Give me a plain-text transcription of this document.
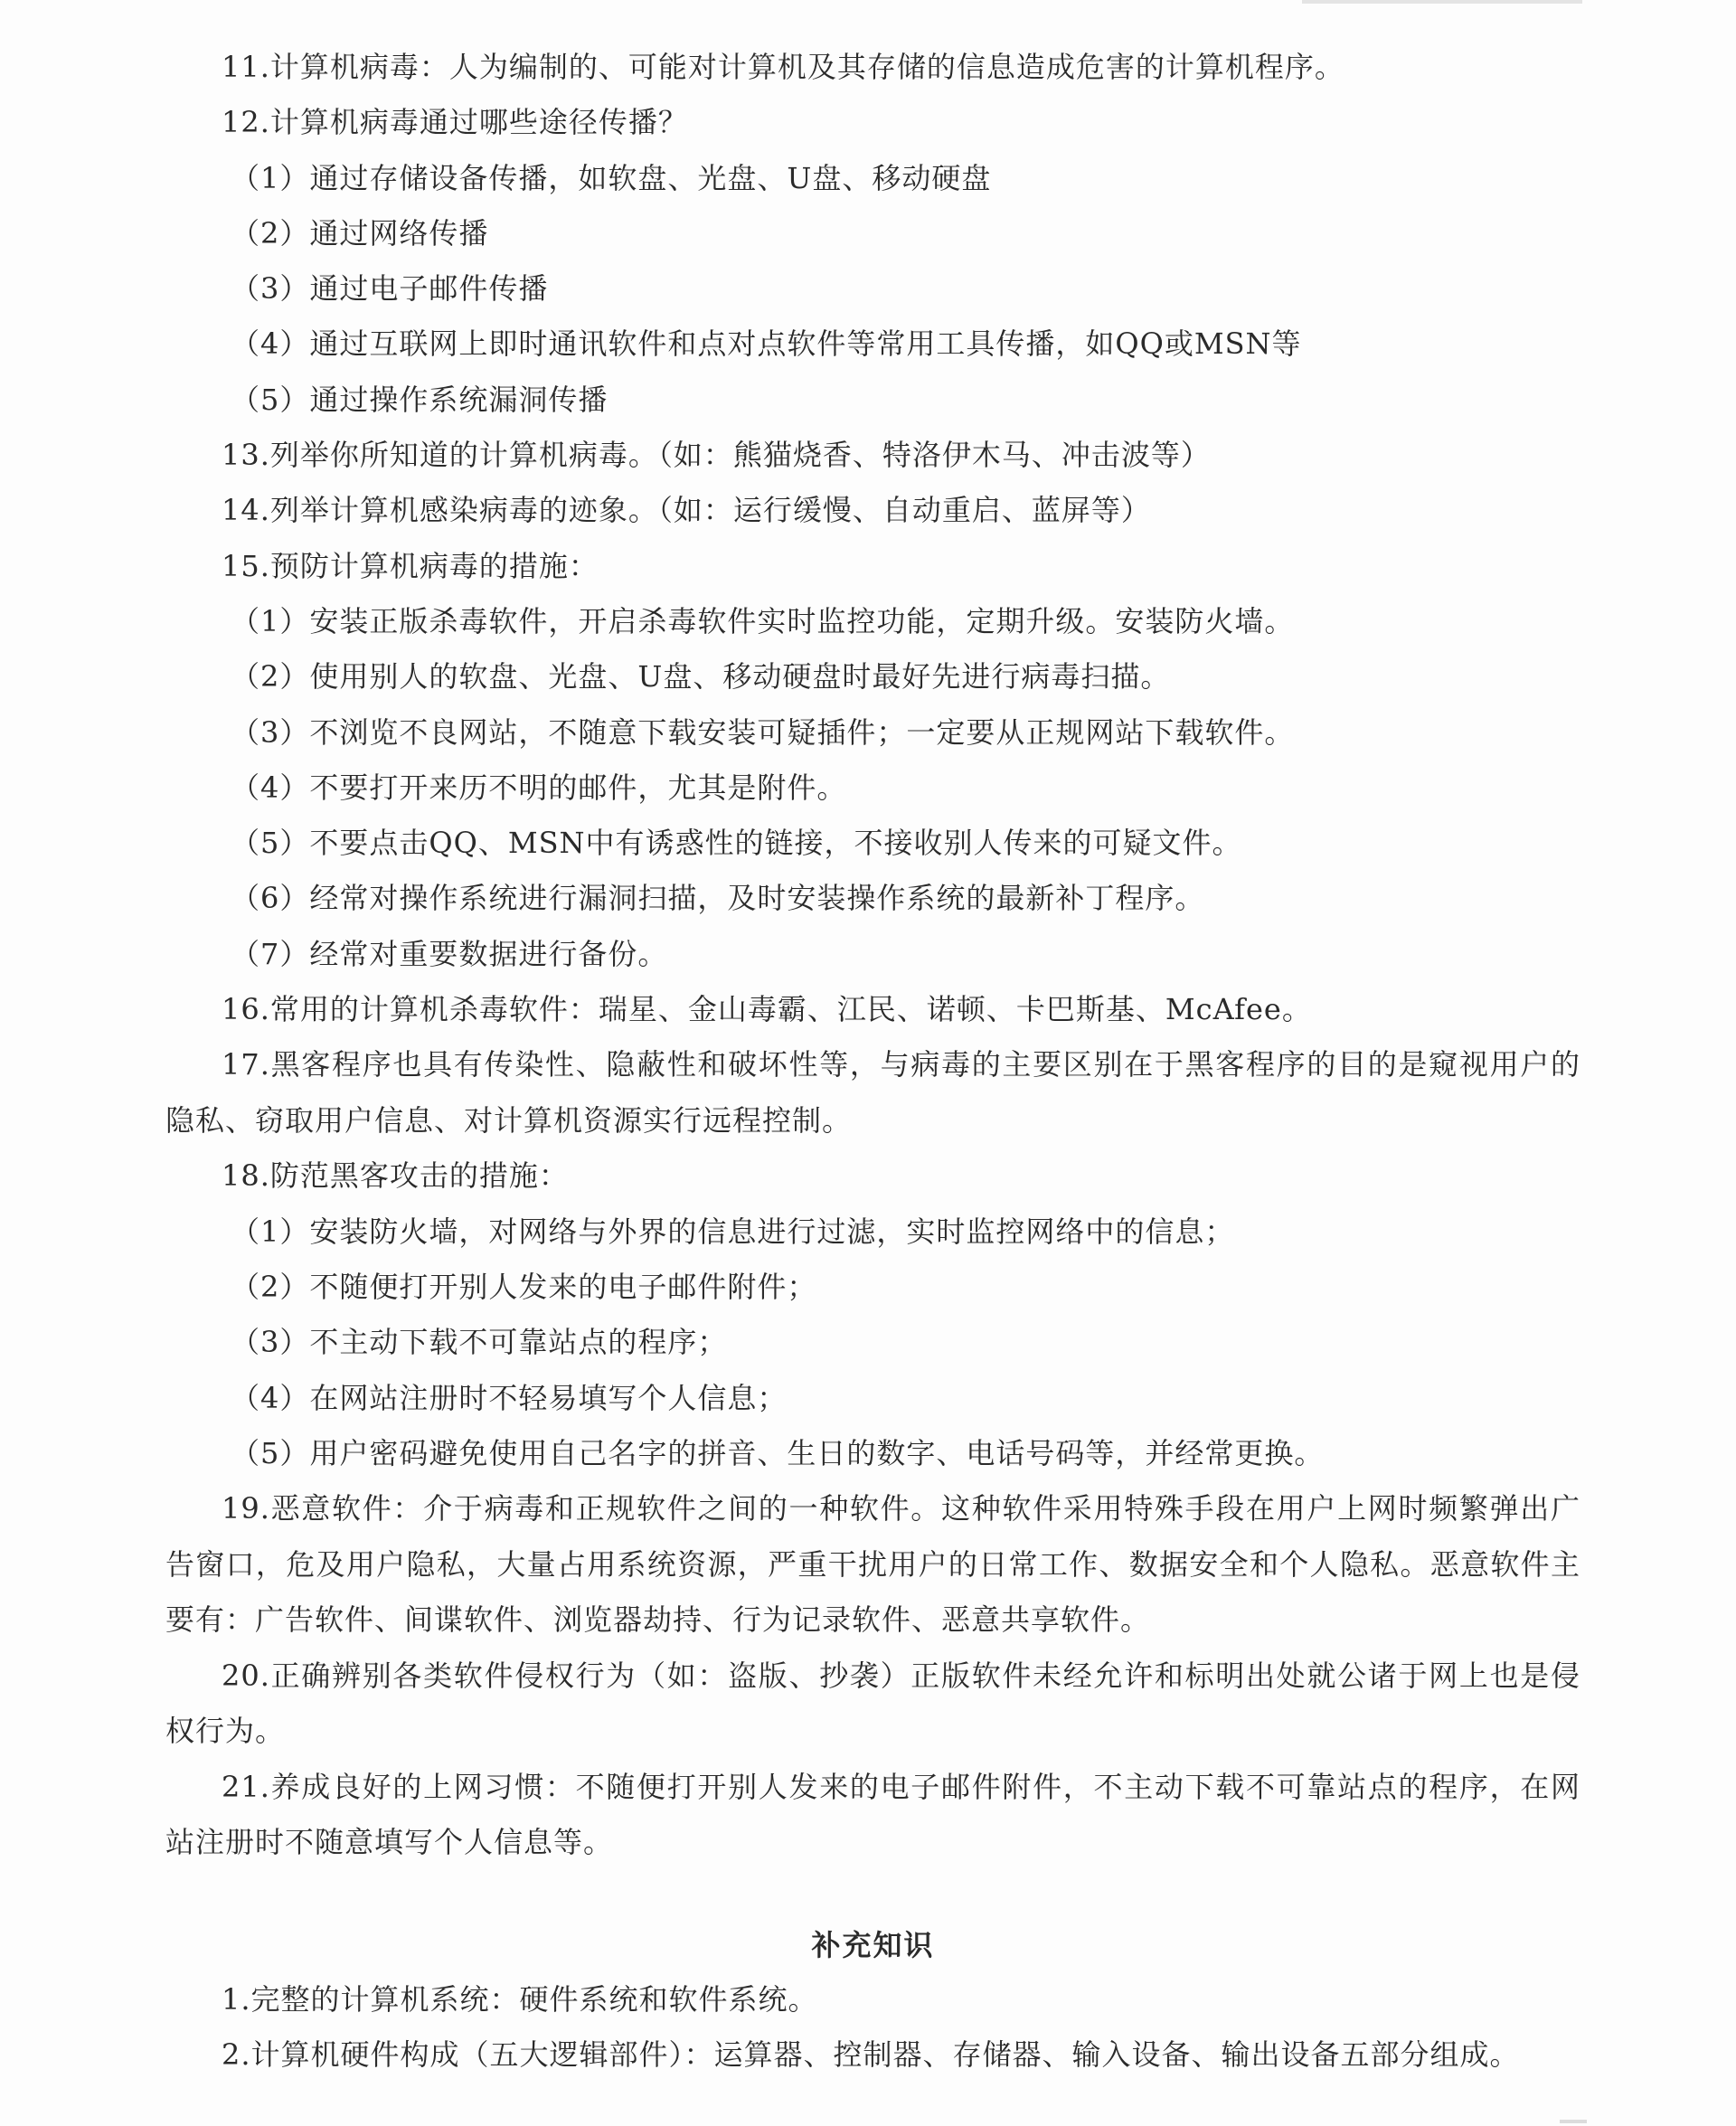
11.计算机病毒：人为编制的、可能对计算机及其存储的信息造成危害的计算机程序。
12.计算机病毒通过哪些途径传播？
（1）通过存储设备传播，如软盘、光盘、U盘、移动硬盘
（2）通过网络传播
（3）通过电子邮件传播
（4）通过互联网上即时通讯软件和点对点软件等常用工具传播，如QQ或MSN等
（5）通过操作系统漏洞传播
13.列举你所知道的计算机病毒。（如：熊猫烧香、特洛伊木马、冲击波等）
14.列举计算机感染病毒的迹象。（如：运行缓慢、自动重启、蓝屏等）
15.预防计算机病毒的措施：
（1）安装正版杀毒软件，开启杀毒软件实时监控功能，定期升级。安装防火墙。
（2）使用别人的软盘、光盘、U盘、移动硬盘时最好先进行病毒扫描。
（3）不浏览不良网站，不随意下载安装可疑插件；一定要从正规网站下载软件。
（4）不要打开来历不明的邮件，尤其是附件。
（5）不要点击QQ、MSN中有诱惑性的链接，不接收别人传来的可疑文件。
（6）经常对操作系统进行漏洞扫描，及时安装操作系统的最新补丁程序。
（7）经常对重要数据进行备份。
16.常用的计算机杀毒软件：瑞星、金山毒霸、江民、诺顿、卡巴斯基、McAfee。
17.黑客程序也具有传染性、隐蔽性和破坏性等，与病毒的主要区别在于黑客程序的目的是窥视用户的隐私、窃取用户信息、对计算机资源实行远程控制。
18.防范黑客攻击的措施：
（1）安装防火墙，对网络与外界的信息进行过滤，实时监控网络中的信息；
（2）不随便打开别人发来的电子邮件附件；
（3）不主动下载不可靠站点的程序；
（4）在网站注册时不轻易填写个人信息；
（5）用户密码避免使用自己名字的拼音、生日的数字、电话号码等，并经常更换。
19.恶意软件：介于病毒和正规软件之间的一种软件。这种软件采用特殊手段在用户上网时频繁弹出广告窗口，危及用户隐私，大量占用系统资源，严重干扰用户的日常工作、数据安全和个人隐私。恶意软件主要有：广告软件、间谍软件、浏览器劫持、行为记录软件、恶意共享软件。
20.正确辨别各类软件侵权行为（如：盗版、抄袭）正版软件未经允许和标明出处就公诸于网上也是侵权行为。
21.养成良好的上网习惯：不随便打开别人发来的电子邮件附件，不主动下载不可靠站点的程序，在网站注册时不随意填写个人信息等。
补充知识
1.完整的计算机系统：硬件系统和软件系统。
2.计算机硬件构成（五大逻辑部件）：运算器、控制器、存储器、输入设备、输出设备五部分组成。
